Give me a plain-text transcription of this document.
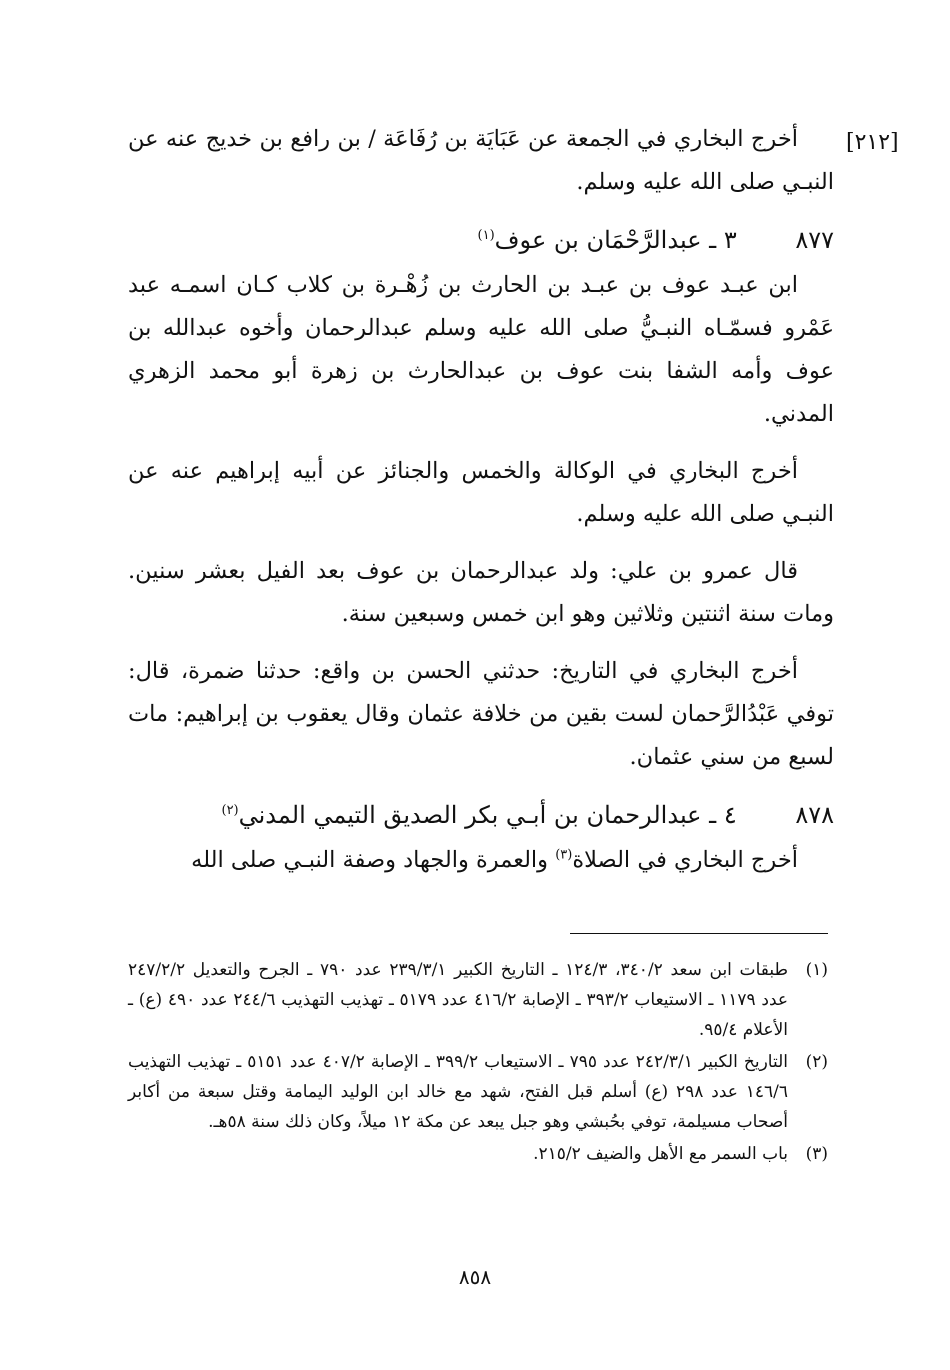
[٢١٢]

أخرج البخاري في الجمعة عن عَبَايَة بن رُفَاعَة / بن رافع بن خديج عنه عن النبـي صلى الله عليه وسلم.

٨٧٧  ٣ ـ عبدالرَّحْمَان بن عوف$^{(١)}$

ابن عبـد عوف بن عبـد بن الحارث بن زُهْـرة بن كلاب كـان اسمـه عبد عَمْرو فسمّـاه النبـيُّ صلى الله عليه وسلم عبدالرحمان وأخوه عبدالله بن عوف وأمه الشفا بنت عوف بن عبدالحارث بن زهرة أبو محمد الزهري المدني.

أخرج البخاري في الوكالة والخمس والجنائز عن أبيه إبراهيم عنه عن النبـي صلى الله عليه وسلم.

قال عمرو بن علي: ولد عبدالرحمان بن عوف بعد الفيل بعشر سنين. ومات سنة اثنتين وثلاثين وهو ابن خمس وسبعين سنة.

أخرج البخاري في التاريخ: حدثني الحسن بن واقع: حدثنا ضمرة، قال: توفي عَبْدُالرَّحمان لست بقين من خلافة عثمان وقال يعقوب بن إبراهيم: مات لسبع من سني عثمان.

٨٧٨  ٤ ـ عبدالرحمان بن أبـي بكر الصديق التيمي المدني$^{(٢)}$

أخرج البخاري في الصلاة$^{(٣)}$ والعمرة والجهاد وصفة النبـي صلى الله

(١)
طبقات ابن سعد ٣٤٠/٢، ١٢٤/٣ ـ التاريخ الكبير ٢٣٩/٣/١ عدد ٧٩٠ ـ الجرح والتعديل ٢٤٧/٢/٢ عدد ١١٧٩ ـ الاستيعاب ٣٩٣/٢ ـ الإصابة ٤١٦/٢ عدد ٥١٧٩ ـ تهذيب التهذيب ٢٤٤/٦ عدد ٤٩٠ (ع) ـ الأعلام ٩٥/٤.
(٢)
التاريخ الكبير ٢٤٢/٣/١ عدد ٧٩٥ ـ الاستيعاب ٣٩٩/٢ ـ الإصابة ٤٠٧/٢ عدد ٥١٥١ ـ تهذيب التهذيب ١٤٦/٦ عدد ٢٩٨ (ع) أسلم قبل الفتح، شهد مع خالد ابن الوليد اليمامة وقتل سبعة من أكابر أصحاب مسيلمة، توفي بحُبشي وهو جبل يبعد عن مكة ١٢ ميلاً، وكان ذلك سنة ٥٨هـ.
(٣)
باب السمر مع الأهل والضيف ٢١٥/٢.
٨٥٨
